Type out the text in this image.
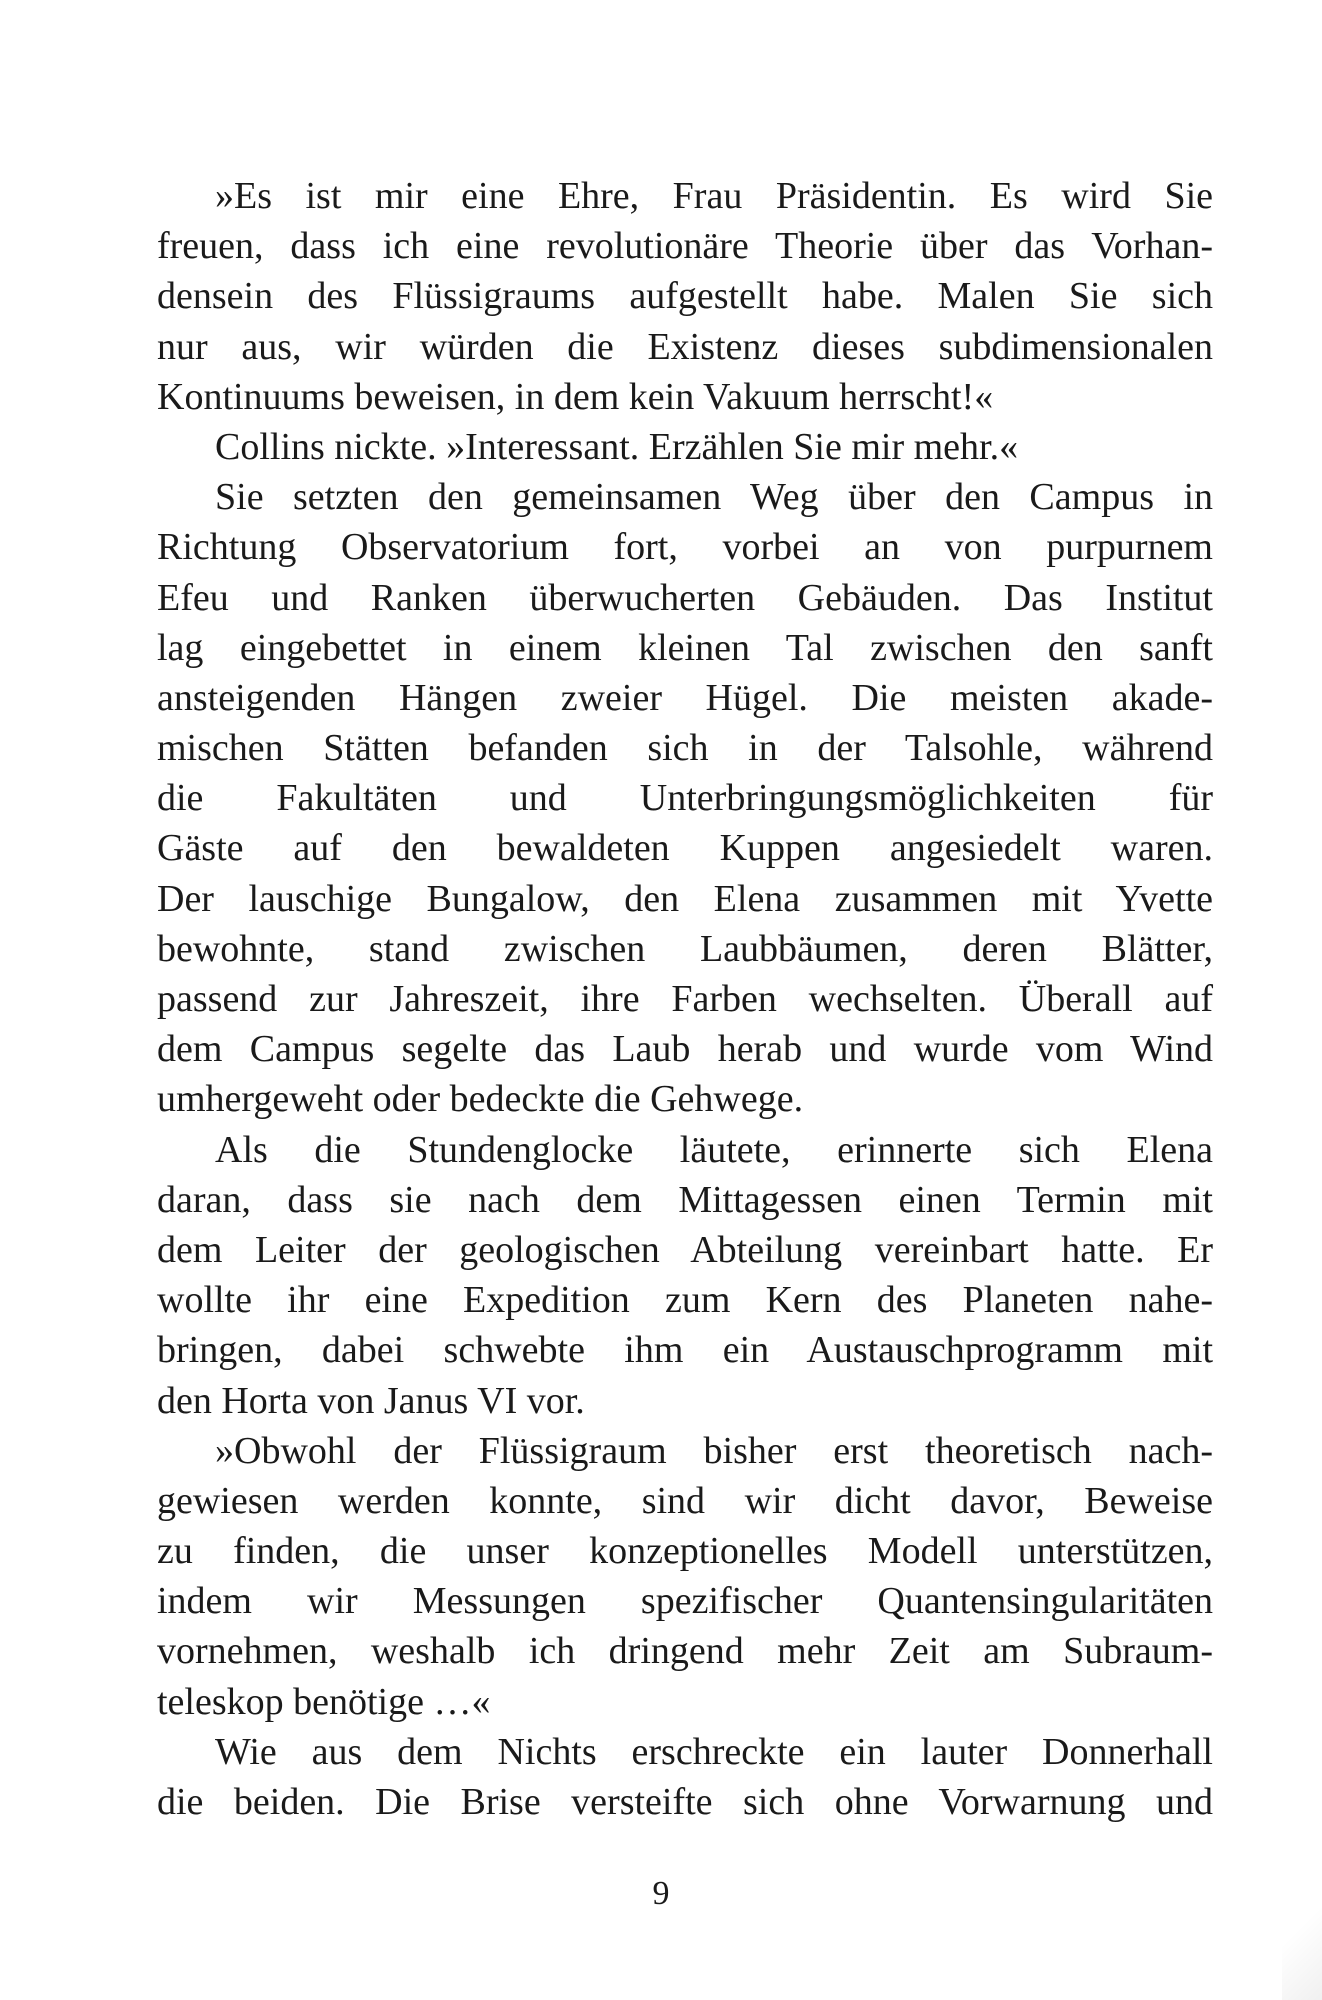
»Es ist mir eine Ehre, Frau Präsidentin. Es wird Sie
freuen, dass ich eine revolutionäre Theorie über das Vorhan-
densein des Flüssigraums aufgestellt habe. Malen Sie sich
nur aus, wir würden die Existenz dieses subdimensionalen
Kontinuums beweisen, in dem kein Vakuum herrscht!«
Collins nickte. »Interessant. Erzählen Sie mir mehr.«
Sie setzten den gemeinsamen Weg über den Campus in
Richtung Observatorium fort, vorbei an von purpurnem
Efeu und Ranken überwucherten Gebäuden. Das Institut
lag eingebettet in einem kleinen Tal zwischen den sanft
ansteigenden Hängen zweier Hügel. Die meisten akade-
mischen Stätten befanden sich in der Talsohle, während
die Fakultäten und Unterbringungsmöglichkeiten für
Gäste auf den bewaldeten Kuppen angesiedelt waren.
Der lauschige Bungalow, den Elena zusammen mit Yvette
bewohnte, stand zwischen Laubbäumen, deren Blätter,
passend zur Jahreszeit, ihre Farben wechselten. Überall auf
dem Campus segelte das Laub herab und wurde vom Wind
umhergeweht oder bedeckte die Gehwege.
Als die Stundenglocke läutete, erinnerte sich Elena
daran, dass sie nach dem Mittagessen einen Termin mit
dem Leiter der geologischen Abteilung vereinbart hatte. Er
wollte ihr eine Expedition zum Kern des Planeten nahe-
bringen, dabei schwebte ihm ein Austauschprogramm mit
den Horta von Janus VI vor.
»Obwohl der Flüssigraum bisher erst theoretisch nach-
gewiesen werden konnte, sind wir dicht davor, Beweise
zu finden, die unser konzeptionelles Modell unterstützen,
indem wir Messungen spezifischer Quantensingularitäten
vornehmen, weshalb ich dringend mehr Zeit am Subraum-
teleskop benötige …«
Wie aus dem Nichts erschreckte ein lauter Donnerhall
die beiden. Die Brise versteifte sich ohne Vorwarnung und
9
